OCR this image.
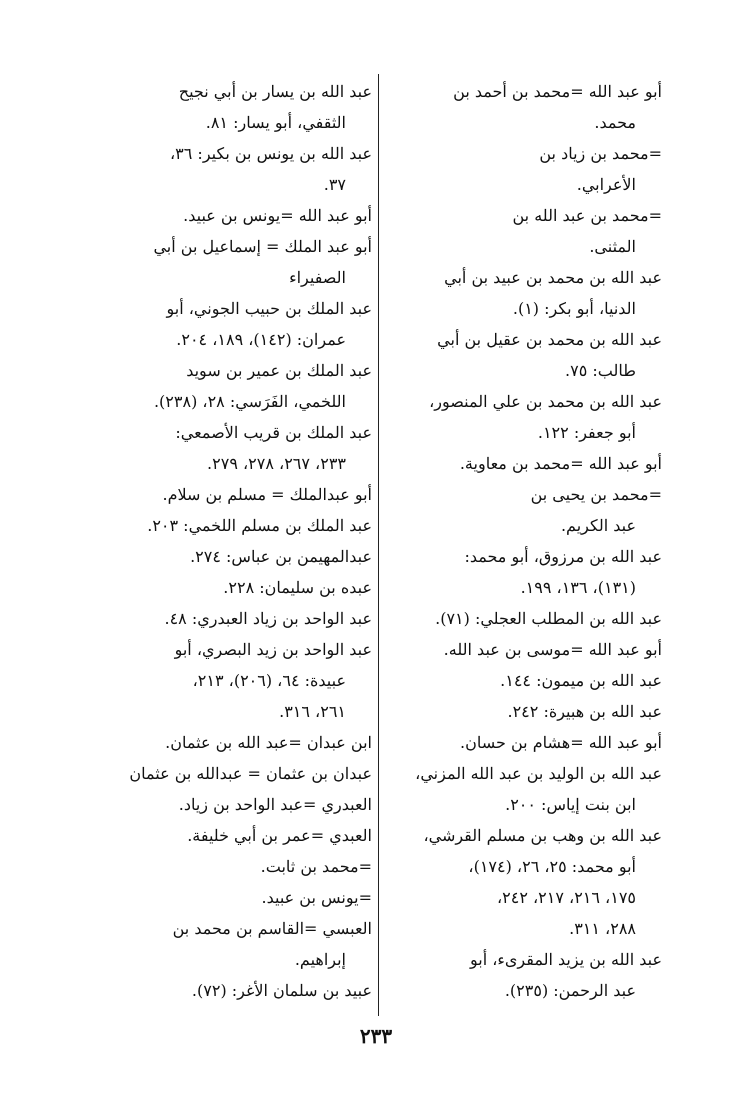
أبو عبد الله =محمد بن أحمد بن
محمد.
=محمد بن زياد بن
الأعرابي.
=محمد بن عبد الله بن
المثنى.
عبد الله بن محمد بن عبيد بن أبي
الدنيا، أبو بكر: (١).
عبد الله بن محمد بن عقيل بن أبي
طالب: ٧٥.
عبد الله بن محمد بن علي المنصور،
أبو جعفر: ١٢٢.
أبو عبد الله =محمد بن معاوية.
=محمد بن يحيى بن
عبد الكريم.
عبد الله بن مرزوق، أبو محمد:
(١٣١)، ١٣٦، ١٩٩.
عبد الله بن المطلب العجلي: (٧١).
أبو عبد الله =موسى بن عبد الله.
عبد الله بن ميمون: ١٤٤.
عبد الله بن هبيرة: ٢٤٢.
أبو عبد الله =هشام بن حسان.
عبد الله بن الوليد بن عبد الله المزني،
ابن بنت إياس: ٢٠٠.
عبد الله بن وهب بن مسلم القرشي،
أبو محمد: ٢٥، ٢٦، (١٧٤)،
١٧٥، ٢١٦، ٢١٧، ٢٤٢،
٢٨٨، ٣١١.
عبد الله بن يزيد المقرىء، أبو
عبد الرحمن: (٢٣٥).
عبد الله بن يسار بن أبي نجيح
الثقفي، أبو يسار: ٨١.
عبد الله بن يونس بن بكير: ٣٦،
٣٧.
أبو عبد الله =يونس بن عبيد.
أبو عبد الملك = إسماعيل بن أبي
الصفيراء
عبد الملك بن حبيب الجوني، أبو
عمران: (١٤٢)، ١٨٩، ٢٠٤.
عبد الملك بن عمير بن سويد
اللخمي، الفَرَسي: ٢٨، (٢٣٨).
عبد الملك بن قريب الأصمعي:
٢٣٣، ٢٦٧، ٢٧٨، ٢٧٩.
أبو عبدالملك = مسلم بن سلام.
عبد الملك بن مسلم اللخمي: ٢٠٣.
عبدالمهيمن بن عباس: ٢٧٤.
عبده بن سليمان: ٢٢٨.
عبد الواحد بن زياد العبدري: ٤٨.
عبد الواحد بن زيد البصري، أبو
عبيدة: ٦٤، (٢٠٦)، ٢١٣،
٢٦١، ٣١٦.
ابن عبدان =عبد الله بن عثمان.
عبدان بن عثمان = عبدالله بن عثمان
العبدري =عبد الواحد بن زياد.
العبدي =عمر بن أبي خليفة.
=محمد بن ثابت.
=يونس بن عبيد.
العبسي =القاسم بن محمد بن
إبراهيم.
عبيد بن سلمان الأغر: (٧٢).
٢٣٣
